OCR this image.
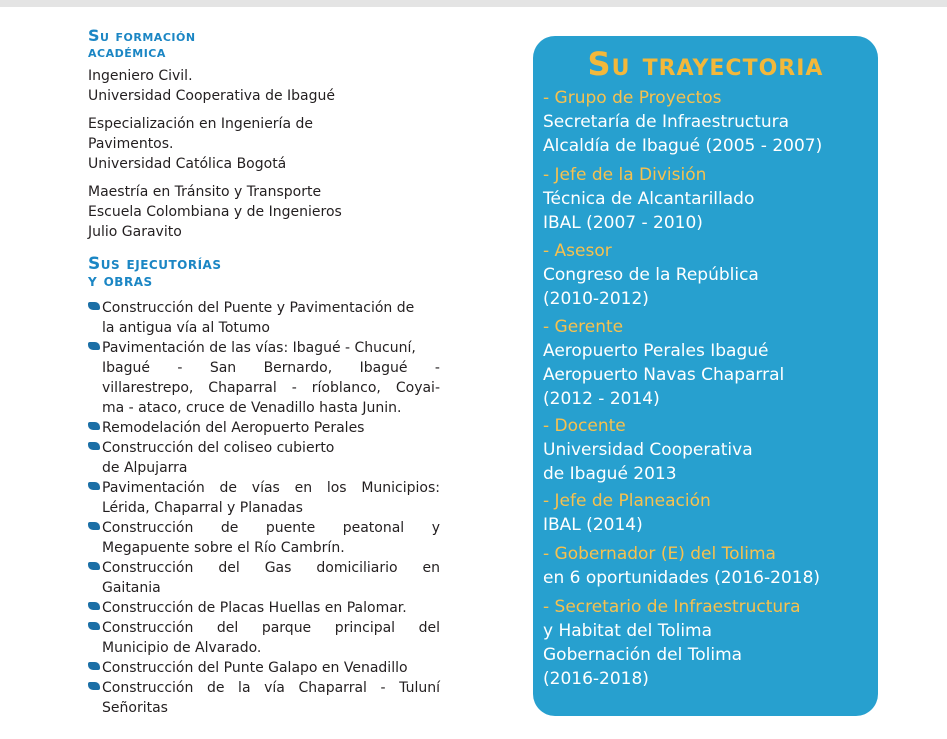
Su formación
académica

Ingeniero Civil.
Universidad Cooperativa de Ibagué

Especialización en Ingeniería de
Pavimentos.
Universidad Católica Bogotá

Maestría en Tránsito y Transporte
Escuela Colombiana y de Ingenieros
Julio Garavito

Sus ejecutorías
y obras
Construcción del Puente y Pavimentación de
la antigua vía al Totumo
Pavimentación de las vías: Ibagué - Chucuní,
Ibagué - San Bernardo, Ibagué -
villarestrepo, Chaparral - ríoblanco, Coyai-
ma - ataco, cruce de Venadillo hasta Junin.
Remodelación del Aeropuerto Perales
Construcción del coliseo cubierto
de Alpujarra
Pavimentación de vías en los Municipios:
Lérida, Chaparral y Planadas
Construcción de puente peatonal y
Megapuente sobre el Río Cambrín.
Construcción del Gas domiciliario en
Gaitania
Construcción de Placas Huellas en Palomar.
Construcción del parque principal del
Municipio de Alvarado.
Construcción del Punte Galapo en Venadillo
Construcción de la vía Chaparral - Tuluní
Señoritas
Su trayectoria
- Grupo de Proyectos
Secretaría de Infraestructura
Alcaldía de Ibagué (2005 - 2007)
- Jefe de la División
Técnica de Alcantarillado
IBAL (2007 - 2010)
- Asesor
Congreso de la República
(2010-2012)
- Gerente
Aeropuerto Perales Ibagué
Aeropuerto Navas Chaparral
(2012 - 2014)
- Docente
Universidad Cooperativa
de Ibagué 2013
- Jefe de Planeación
IBAL (2014)
- Gobernador (E) del Tolima
en 6 oportunidades (2016-2018)
- Secretario de Infraestructura
y Habitat del Tolima
Gobernación del Tolima
(2016-2018)
